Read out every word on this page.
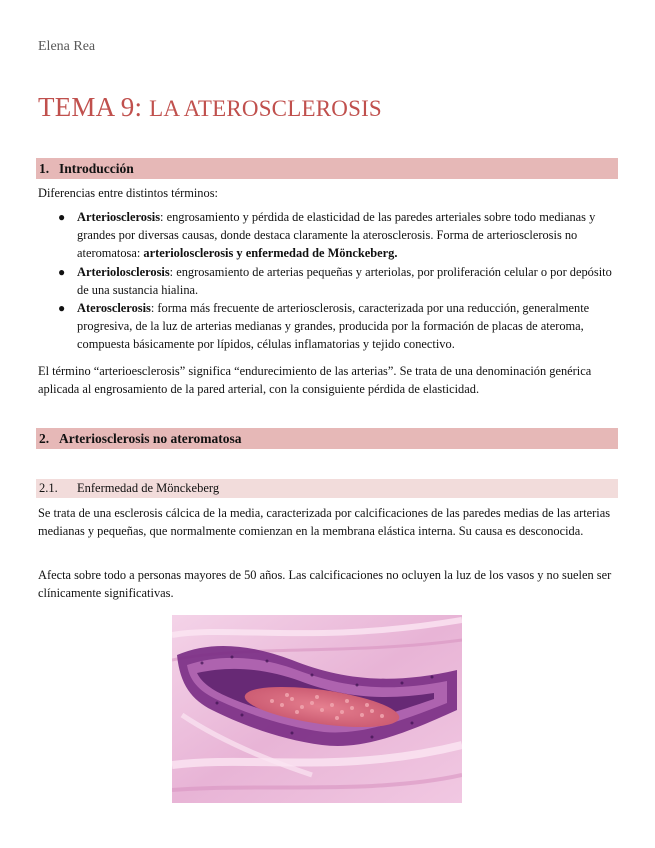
Elena Rea
TEMA 9: LA ATEROSCLEROSIS
1. Introducción

Diferencias entre distintos términos:

● Arteriosclerosis: engrosamiento y pérdida de elasticidad de las paredes arteriales sobre todo medianas y grandes por diversas causas, donde destaca claramente la aterosclerosis. Forma de arteriosclerosis no ateromatosa: arteriolosclerosis y enfermedad de Mönckeberg.
● Arteriolosclerosis: engrosamiento de arterias pequeñas y arteriolas, por proliferación celular o por depósito de una sustancia hialina.
● Aterosclerosis: forma más frecuente de arteriosclerosis, caracterizada por una reducción, generalmente progresiva, de la luz de arterias medianas y grandes, producida por la formación de placas de ateroma, compuesta básicamente por lípidos, células inflamatorias y tejido conectivo.

El término “arterioesclerosis” significa “endurecimiento de las arterias”. Se trata de una denominación genérica aplicada al engrosamiento de la pared arterial, con la consiguiente pérdida de elasticidad.

2. Arteriosclerosis no ateromatosa
2.1. Enfermedad de Mönckeberg

Se trata de una esclerosis cálcica de la media, caracterizada por calcificaciones de las paredes medias de las arterias medianas y pequeñas, que normalmente comienzan en la membrana elástica interna. Su causa es desconocida.

Afecta sobre todo a personas mayores de 50 años. Las calcificaciones no ocluyen la luz de los vasos y no suelen ser clínicamente significativas.
